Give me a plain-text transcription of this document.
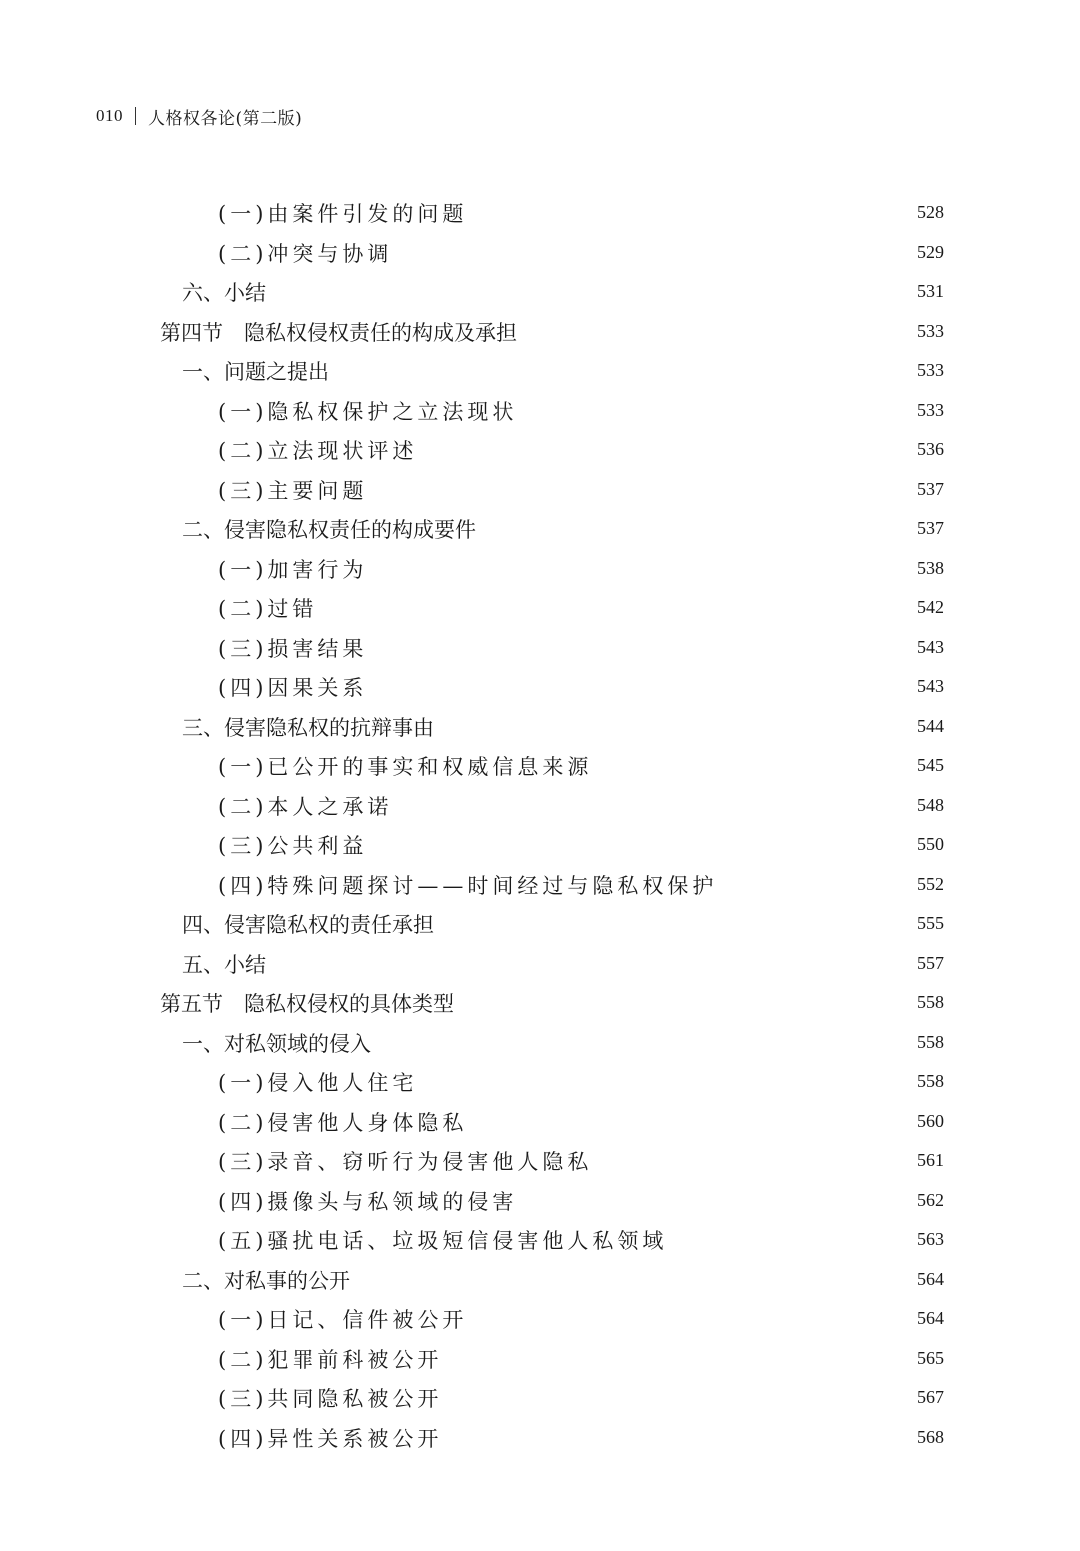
010 人格权各论(第二版)
(一)由案件引发的问题	528
(二)冲突与协调	529
六、小结	531
第四节　隐私权侵权责任的构成及承担	533
一、问题之提出	533
(一)隐私权保护之立法现状	533
(二)立法现状评述	536
(三)主要问题	537
二、侵害隐私权责任的构成要件	537
(一)加害行为	538
(二)过错	542
(三)损害结果	543
(四)因果关系	543
三、侵害隐私权的抗辩事由	544
(一)已公开的事实和权威信息来源	545
(二)本人之承诺	548
(三)公共利益	550
(四)特殊问题探讨——时间经过与隐私权保护	552
四、侵害隐私权的责任承担	555
五、小结	557
第五节　隐私权侵权的具体类型	558
一、对私领域的侵入	558
(一)侵入他人住宅	558
(二)侵害他人身体隐私	560
(三)录音、窃听行为侵害他人隐私	561
(四)摄像头与私领域的侵害	562
(五)骚扰电话、垃圾短信侵害他人私领域	563
二、对私事的公开	564
(一)日记、信件被公开	564
(二)犯罪前科被公开	565
(三)共同隐私被公开	567
(四)异性关系被公开	568
